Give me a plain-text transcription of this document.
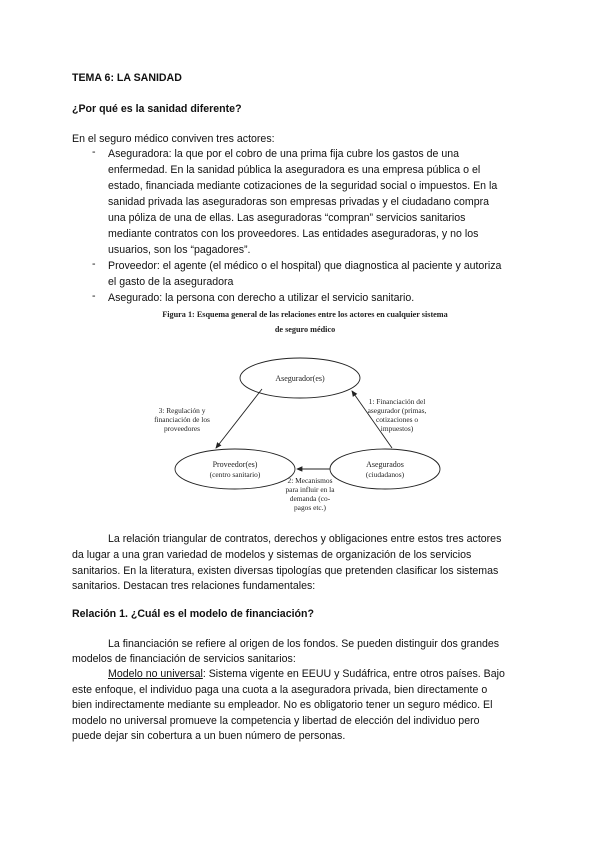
TEMA 6: LA SANIDAD
¿Por qué es la sanidad diferente?
En el seguro médico conviven tres actores:
- Aseguradora: la que por el cobro de una prima fija cubre los gastos de una
enfermedad. En la sanidad pública la aseguradora es una empresa pública o el
estado, financiada mediante cotizaciones de la seguridad social o impuestos. En la
sanidad privada las aseguradoras son empresas privadas y el ciudadano compra
una póliza de una de ellas. Las aseguradoras “compran” servicios sanitarios
mediante contratos con los proveedores. Las entidades aseguradoras, y no los
usuarios, son los “pagadores”.
- Proveedor: el agente (el médico o el hospital) que diagnostica al paciente y autoriza
el gasto de la aseguradora
- Asegurado: la persona con derecho a utilizar el servicio sanitario.
Figura 1: Esquema general de las relaciones entre los actores en cualquier sistema
de seguro médico
Asegurador(es)
Proveedor(es)
(centro sanitario)
Asegurados
(ciudadanos)
1: Financiación del
asegurador (primas,
cotizaciones o
impuestos)
3: Regulación y
financiación de los
proveedores
2: Mecanismos
para influir en la
demanda (co-
pagos etc.)
La relación triangular de contratos, derechos y obligaciones entre estos tres actores
da lugar a una gran variedad de modelos y sistemas de organización de los servicios
sanitarios. En la literatura, existen diversas tipologías que pretenden clasificar los sistemas
sanitarios. Destacan tres relaciones fundamentales:
Relación 1. ¿Cuál es el modelo de financiación?
La financiación se refiere al origen de los fondos. Se pueden distinguir dos grandes
modelos de financiación de servicios sanitarios:
Modelo no universal: Sistema vigente en EEUU y Sudáfrica, entre otros países. Bajo
este enfoque, el individuo paga una cuota a la aseguradora privada, bien directamente o
bien indirectamente mediante su empleador. No es obligatorio tener un seguro médico. El
modelo no universal promueve la competencia y libertad de elección del individuo pero
puede dejar sin cobertura a un buen número de personas.
